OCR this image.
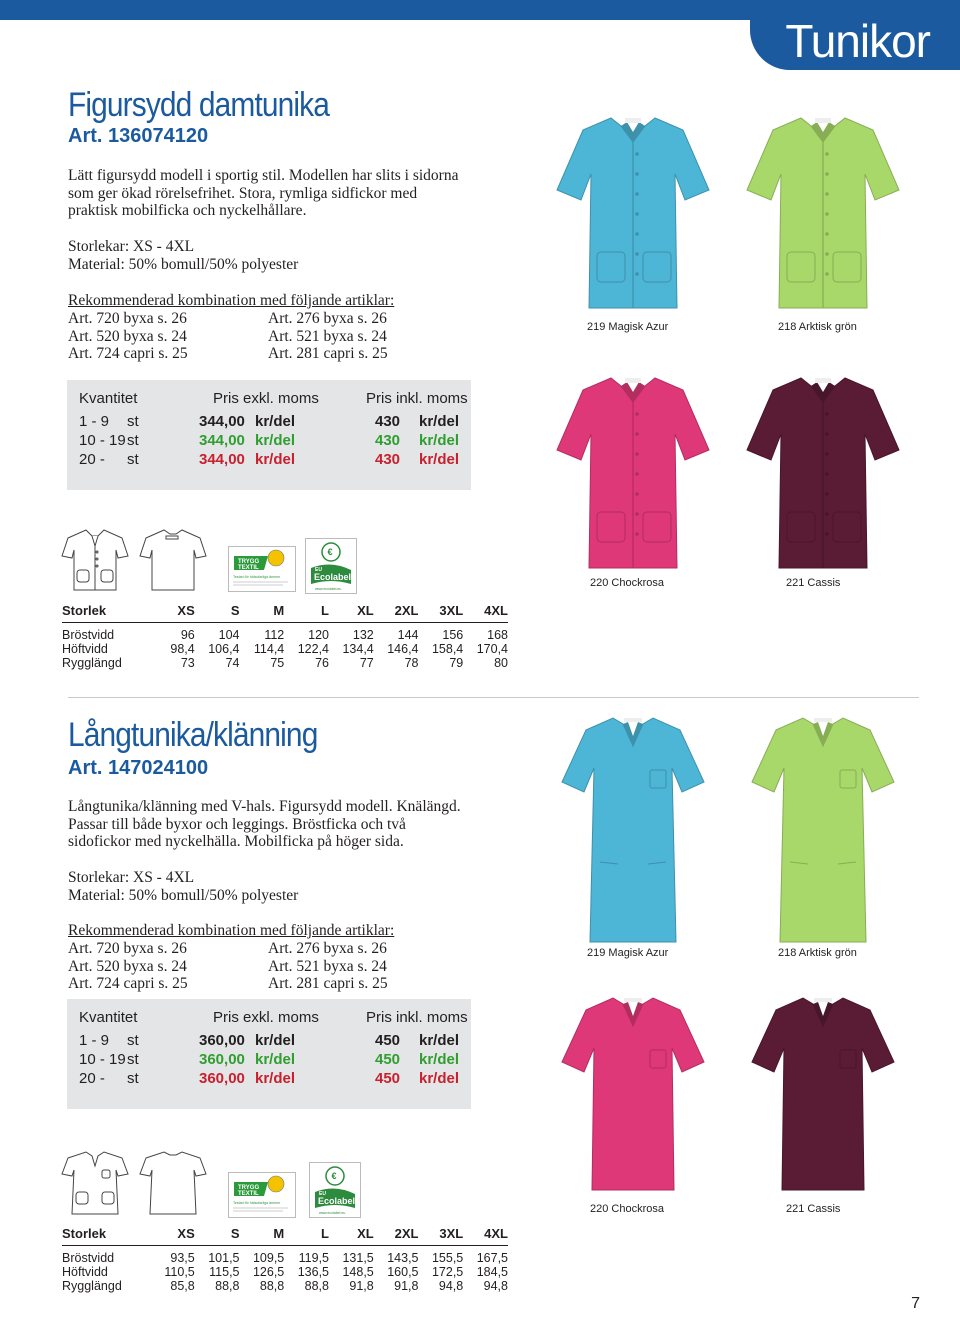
Tunikor
Figursydd damtunika
Art. 136074120
Lätt figursydd modell i sportig stil. Modellen har slits i sidorna som ger ökad rörelsefrihet. Stora, rymliga sidfickor med praktisk mobilficka och nyckelhållare.
Storlekar: XS - 4XL
Material: 50% bomull/50% polyester
Rekommenderad kombination med följande artiklar:
Art. 720 byxa s. 26	Art. 276 byxa s. 26
Art. 520 byxa s. 24	Art. 521 byxa s. 24
Art. 724 capri s. 25	Art. 281 capri s. 25
Kvantitet	Pris exkl. moms	Pris inkl. moms
1 - 9	st	344,00 kr/del	430	kr/del
10 - 19 st	344,00 kr/del	430	kr/del
20 -	st	344,00 kr/del	430	kr/del
TRYGG
TEXTIL
Testad för hälsofarliga ämnen
€
EU
Ecolabel
www.ecolabel.eu
Storlek	XS	S	M	L	XL	2XL	3XL	4XL
Bröstvidd	96	104	112	120	132	144	156	168
Höftvidd	98,4	106,4	114,4	122,4	134,4	146,4	158,4	170,4
Rygglängd	73	74	75	76	77	78	79	80
219 Magisk Azur	218 Arktisk grön
220 Chockrosa	221 Cassis
Långtunika/klänning
Art. 147024100
Långtunika/klänning med V-hals. Figursydd modell. Knälängd. Passar till både byxor och leggings. Bröstficka och två sidofickor med nyckelhälla. Mobilficka på höger sida.
Storlekar: XS - 4XL
Material: 50% bomull/50% polyester
Rekommenderad kombination med följande artiklar:
Art. 720 byxa s. 26	Art. 276 byxa s. 26
Art. 520 byxa s. 24	Art. 521 byxa s. 24
Art. 724 capri s. 25	Art. 281 capri s. 25
Kvantitet	Pris exkl. moms	Pris inkl. moms
1 - 9	st	360,00 kr/del	450	kr/del
10 - 19 st	360,00 kr/del	450	kr/del
20 -	st	360,00 kr/del	450	kr/del
TRYGG
TEXTIL
Testad för hälsofarliga ämnen
€
EU
Ecolabel
www.ecolabel.eu
Storlek	XS	S	M	L	XL	2XL	3XL	4XL
Bröstvidd	93,5	101,5	109,5	119,5	131,5	143,5	155,5	167,5
Höftvidd	110,5	115,5	126,5	136,5	148,5	160,5	172,5	184,5
Rygglängd	85,8	88,8	88,8	88,8	91,8	91,8	94,8	94,8
219 Magisk Azur	218 Arktisk grön
220 Chockrosa	221 Cassis
7
